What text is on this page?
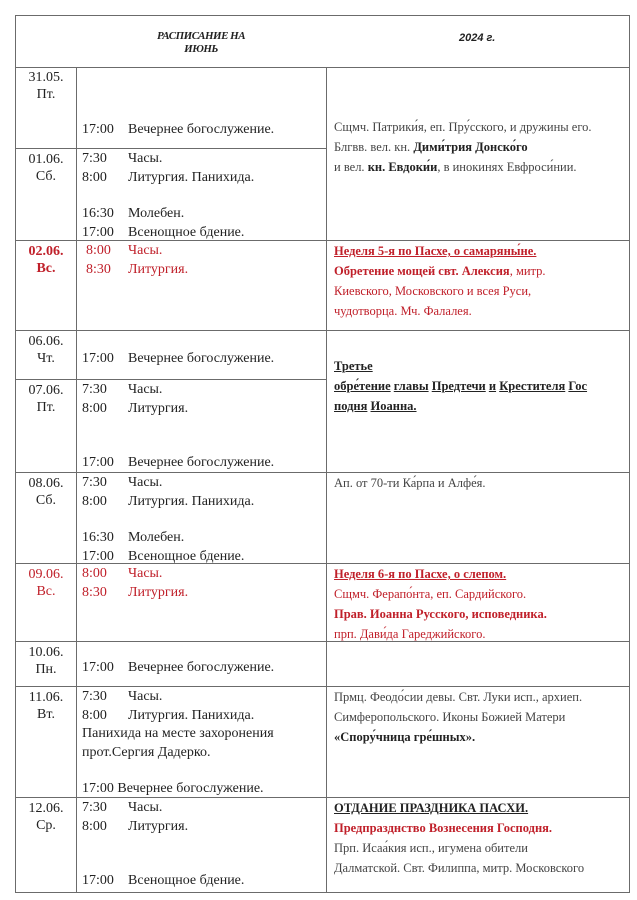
РАСПИСАНИЕ НА
ИЮНЬ
2024 г.
31.05.
Пт.
17:00 Вечернее богослужение.
01.06.
Сб.
7:30 Часы.
8:00 Литургия. Панихида.
16:30 Молебен.
17:00 Всенощное бдение.
Сщмч. Патрики́я, еп. Пру́сского, и дружины его.
Блгвв. вел. кн. Дими́трия Донско́го
и вел. кн. Евдоки́и, в инокинях Евфроси́нии.
02.06.
Вс.
8:00 Часы.
8:30 Литургия.
Неделя 5-я по Пасхе, о самаряны́не.
Обретение мощей свт. Алексия, митр.
Киевского, Московского и всея Руси,
чудотворца. Мч. Фалалея.
06.06.
Чт.	17:00 Вечернее богослужение.
07.06.
Пт.
7:30 Часы.
8:00 Литургия.
17:00 Вечернее богослужение.
Третье
обре́тение главы Предтечи и Крестителя Гос
подня Иоанна.
08.06.
Сб.
7:30 Часы.
8:00 Литургия. Панихида.
16:30 Молебен.
17:00 Всенощное бдение.
Ап. от 70-ти Ка́рпа и Алфе́я.
09.06.
Вс.
8:00 Часы.
8:30 Литургия.
Неделя 6-я по Пасхе, о слепом.
Сщмч. Ферапо́нта, еп. Сардийского.
Прав. Иоанна Русского, исповедника.
прп. Дави́да Гареджийского.
10.06.
Пн.	17:00 Вечернее богослужение.
11.06.
Вт.
7:30 Часы.
8:00 Литургия. Панихида.
Панихида на месте захоронения
прот.Сергия Дадерко.
17:00 Вечернее богослужение.
Прмц. Феодо́сии девы. Свт. Луки исп., архиеп.
Симферопольского. Иконы Божией Матери
«Спору́чница гре́шных».
12.06.
Ср.
7:30 Часы.
8:00 Литургия.
17:00 Всенощное бдение.
ОТДАНИЕ ПРАЗДНИКА ПАСХИ.
Предпразднство Вознесения Господня.
Прп. Исаа́кия исп., игумена обители
Далматской. Свт. Филиппа, митр. Московского
